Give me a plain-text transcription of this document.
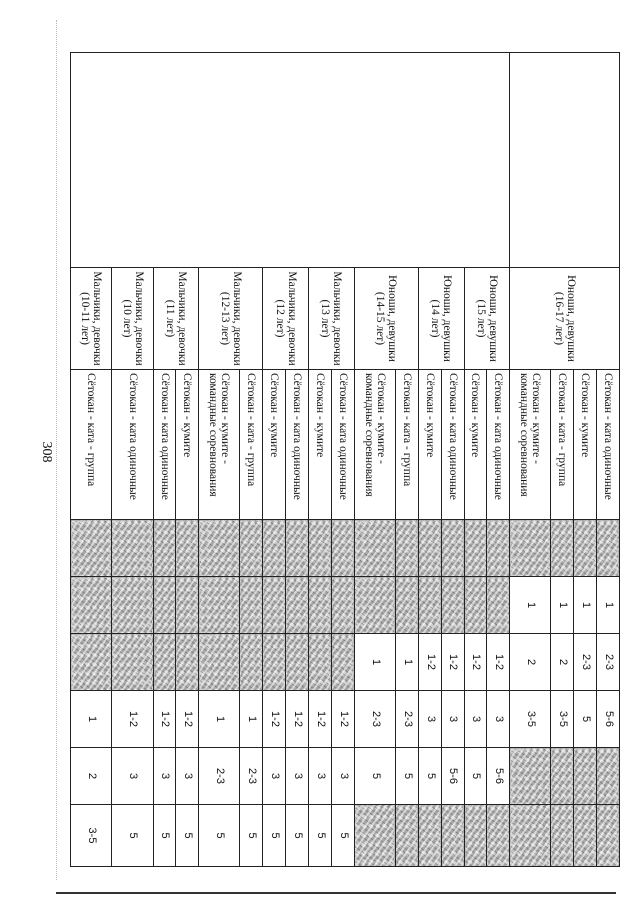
308
	Юноши, девушки (16-17 лет)	Сётокан - ката одиночные		1	2-3	5-6		
		Сётокан - кумите		1	2-3	5		
		Сётокан - ката - группа		1	2	3-5		
		Сётокан - кумите - командные соревнования		1	2	3-5		
	Юноши, девушки (15 лет)	Сётокан - ката одиночные			1-2	3	5-6	
		Сётокан - кумите			1-2	3	5	
	Юноши, девушки (14 лет)	Сётокан - ката одиночные			1-2	3	5-6	
		Сётокан - кумите			1-2	3	5	
	Юноши, девушки (14-15 лет)	Сётокан - ката - группа			1	2-3	5	
		Сётокан - кумите - командные соревнования			1	2-3	5	
	Мальчики, девочки (13 лет)	Сётокан - ката одиночные				1-2	3	5
		Сётокан - кумите				1-2	3	5
	Мальчики, девочки (12 лет)	Сётокан - ката одиночные				1-2	3	5
		Сётокан - кумите				1-2	3	5
	Мальчики, девочки (12-13 лет)	Сётокан - ката - группа				1	2-3	5
		Сётокан - кумите - командные соревнования				1	2-3	5
	Мальчики, девочки (11 лет)	Сётокан - кумите				1-2	3	5
		Сётокан - ката одиночные				1-2	3	5
	Мальчики, девочки (10 лет)	Сётокан - ката одиночные				1-2	3	5
	Мальчики, девочки (10-11 лет)	Сётокан - ката - группа				1	2	3-5
